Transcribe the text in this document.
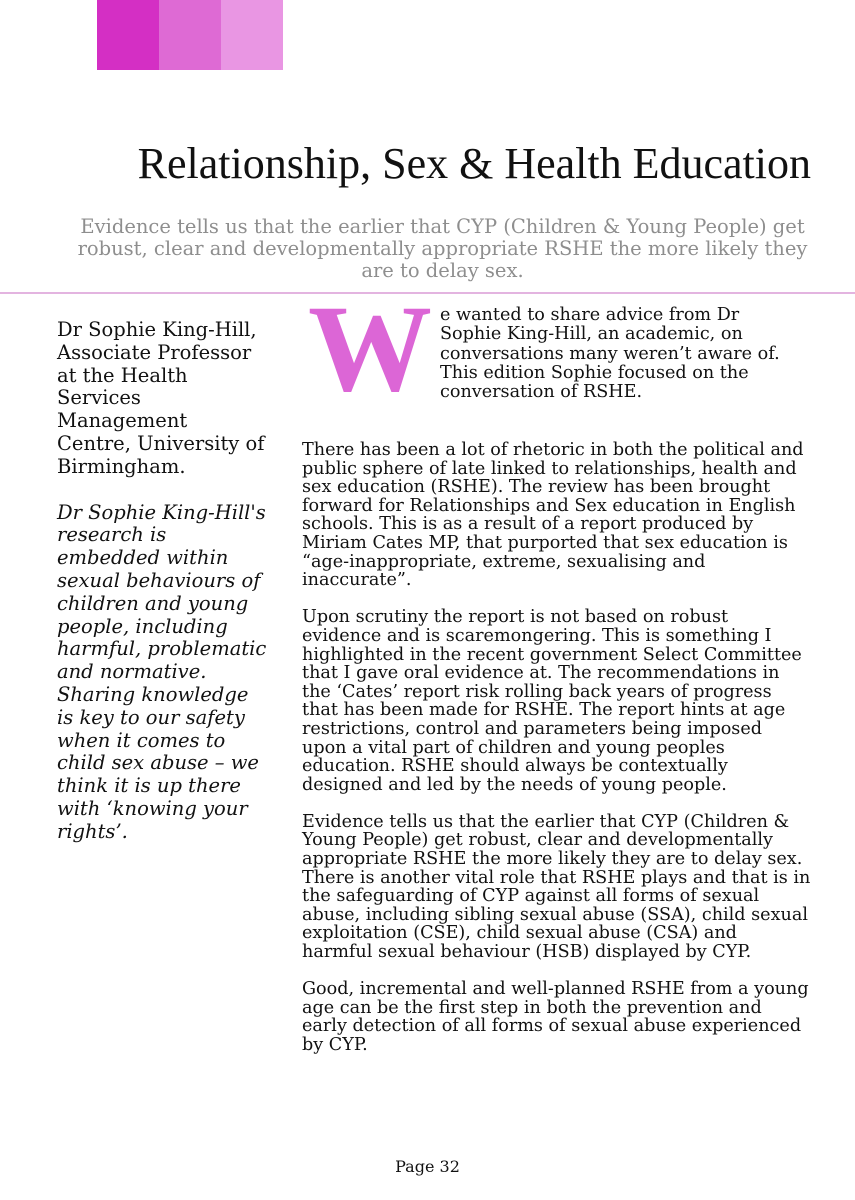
Relationship, Sex & Health Education
Evidence tells us that the earlier that CYP (Children & Young People) get robust, clear and developmentally appropriate RSHE the more likely they are to delay sex.

Dr Sophie King-Hill, Associate Professor at the Health Services Management Centre, University of Birmingham.

Dr Sophie King-Hill's research is embedded within sexual behaviours of children and young people, including harmful, problematic and normative. Sharing knowledge is key to our safety when it comes to child sex abuse – we think it is up there with ‘knowing your rights’.

W e wanted to share advice from Dr Sophie King-Hill, an academic, on conversations many weren’t aware of. This edition Sophie focused on the conversation of RSHE.

There has been a lot of rhetoric in both the political and public sphere of late linked to relationships, health and sex education (RSHE). The review has been brought forward for Relationships and Sex education in English schools. This is as a result of a report produced by Miriam Cates MP, that purported that sex education is “age-inappropriate, extreme, sexualising and inaccurate”.

Upon scrutiny the report is not based on robust evidence and is scaremongering. This is something I highlighted in the recent government Select Committee that I gave oral evidence at. The recommendations in the ‘Cates’ report risk rolling back years of progress that has been made for RSHE. The report hints at age restrictions, control and parameters being imposed upon a vital part of children and young peoples education. RSHE should always be contextually designed and led by the needs of young people.

Evidence tells us that the earlier that CYP (Children & Young People) get robust, clear and developmentally appropriate RSHE the more likely they are to delay sex. There is another vital role that RSHE plays and that is in the safeguarding of CYP against all forms of sexual abuse, including sibling sexual abuse (SSA), child sexual exploitation (CSE), child sexual abuse (CSA) and harmful sexual behaviour (HSB) displayed by CYP.

Good, incremental and well-planned RSHE from a young age can be the first step in both the prevention and early detection of all forms of sexual abuse experienced by CYP.

Page 32
